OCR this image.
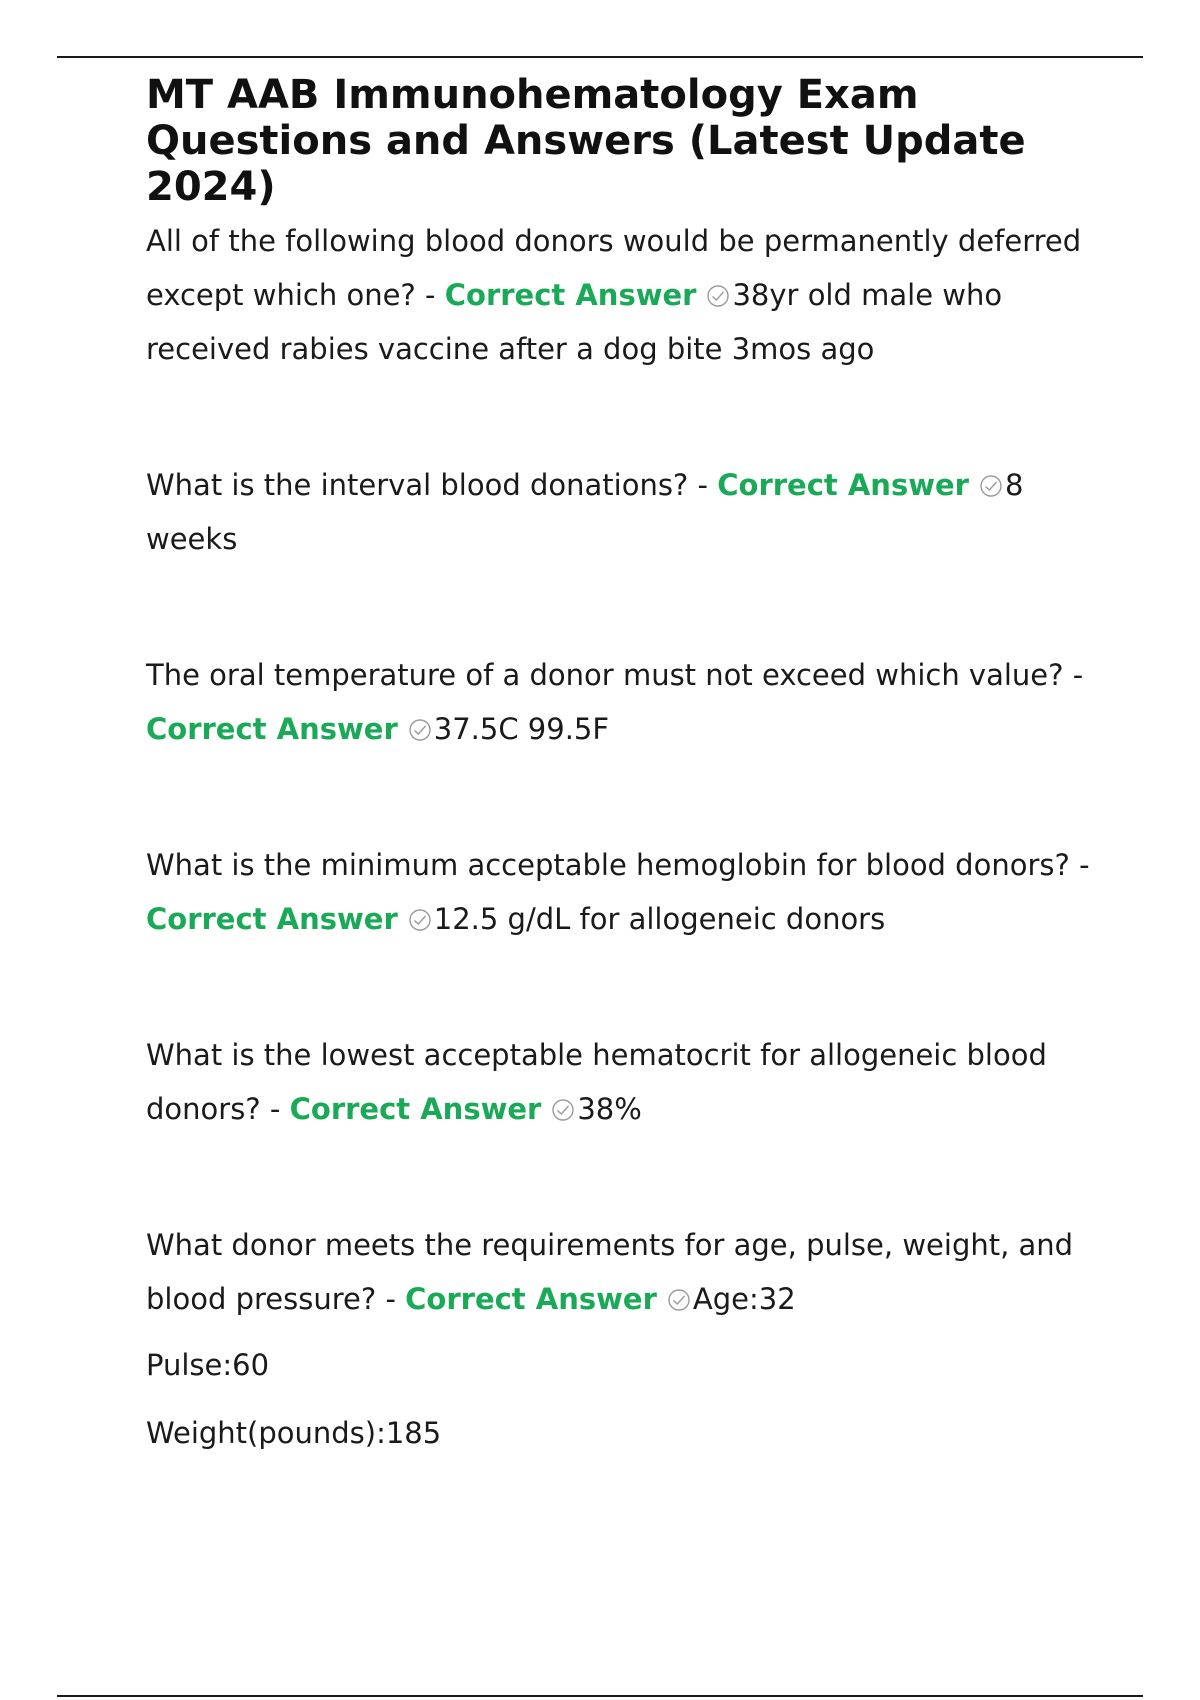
MT AAB Immunohematology Exam Questions and Answers (Latest Update 2024)

All of the following blood donors would be permanently deferred except which one? - Correct Answer 38yr old male who received rabies vaccine after a dog bite 3mos ago

What is the interval blood donations? - Correct Answer 8 weeks

The oral temperature of a donor must not exceed which value? - Correct Answer 37.5C 99.5F

What is the minimum acceptable hemoglobin for blood donors? - Correct Answer 12.5 g/dL for allogeneic donors

What is the lowest acceptable hematocrit for allogeneic blood donors? - Correct Answer 38%

What donor meets the requirements for age, pulse, weight, and blood pressure? - Correct Answer Age:32

Pulse:60

Weight(pounds):185
